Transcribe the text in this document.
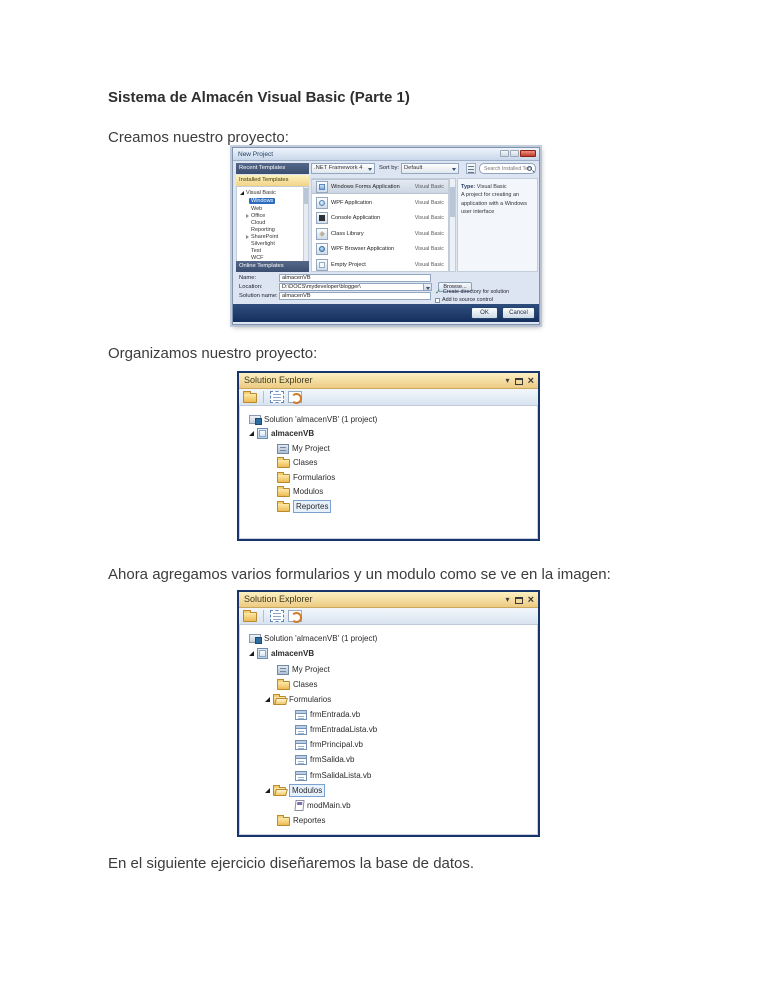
Sistema de Almacén Visual Basic (Parte 1)
Creamos nuestro proyecto:
Organizamos nuestro proyecto:
Ahora agregamos varios formularios y un modulo como se ve en la imagen:
En el siguiente ejercicio diseñaremos la base de datos.
New Project
.NET Framework 4	Sort by: Default	Search Installed Tem
Recent Templates
Installed Templates
Visual Basic
Windows
Web
Office
Cloud
Reporting
SharePoint
Silverlight
Test
WCF
Online Templates
Windows Forms Application	Visual Basic
WPF Application	Visual Basic
Console Application	Visual Basic
Class Library	Visual Basic
WPF Browser Application	Visual Basic
Empty Project	Visual Basic
Type: Visual Basic
A project for creating an application with a Windows user interface
Name:	almacenVB
Location:	D:\DOCS\mydeveloper\blogger\	Browse...
Solution name: almacenVB
✓ Create directory for solution
Add to source control
OK	Cancel
Solution Explorer	▾ ×
Solution 'almacenVB' (1 project)
almacenVB
My Project
Clases
Formularios
Modulos
Reportes
Solution Explorer	▾ ×
Solution 'almacenVB' (1 project)
almacenVB
My Project
Clases
Formularios
frmEntrada.vb
frmEntradaLista.vb
frmPrincipal.vb
frmSalida.vb
frmSalidaLista.vb
Modulos
modMain.vb
Reportes
